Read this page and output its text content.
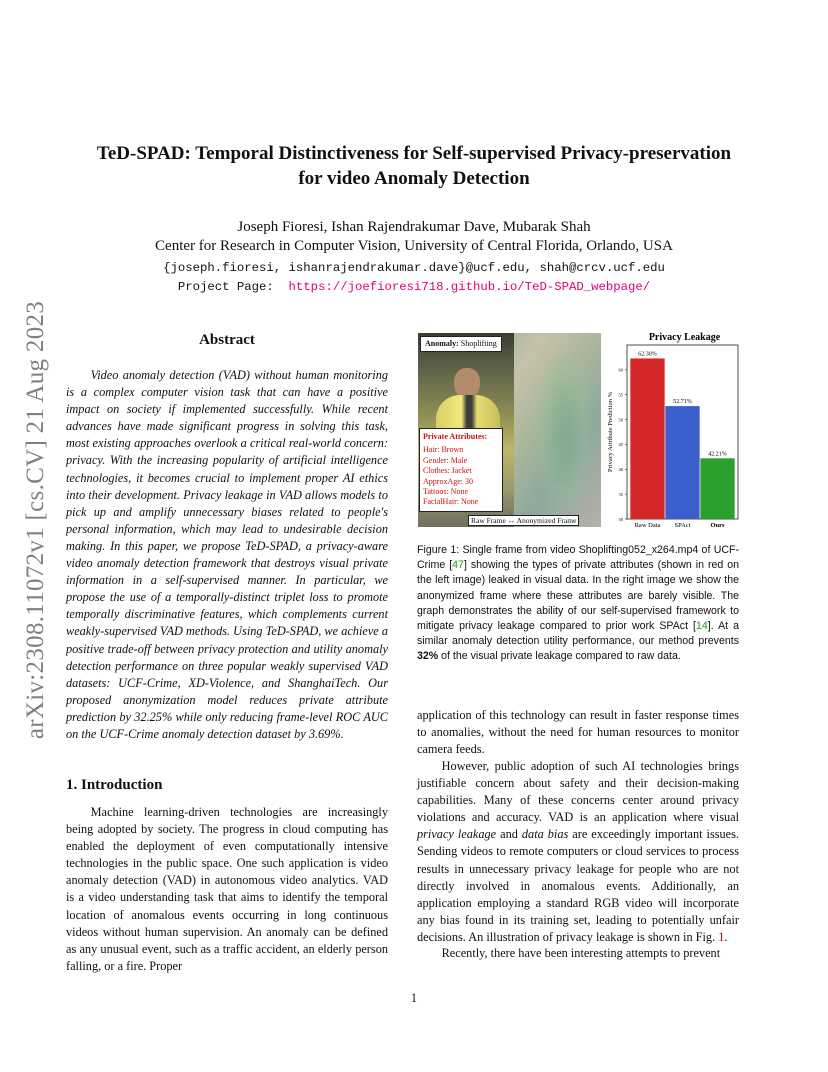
arXiv:2308.11072v1 [cs.CV] 21 Aug 2023
TeD-SPAD: Temporal Distinctiveness for Self-supervised Privacy-preservation
for video Anomaly Detection
Joseph Fioresi, Ishan Rajendrakumar Dave, Mubarak Shah
Center for Research in Computer Vision, University of Central Florida, Orlando, USA
{joseph.fioresi, ishanrajendrakumar.dave}@ucf.edu, shah@crcv.ucf.edu
Project Page: https://joefioresi718.github.io/TeD-SPAD_webpage/
Abstract

Video anomaly detection (VAD) without human monitoring is a complex computer vision task that can have a positive impact on society if implemented successfully. While recent advances have made significant progress in solving this task, most existing approaches overlook a critical real-world concern: privacy. With the increasing popularity of artificial intelligence technologies, it becomes crucial to implement proper AI ethics into their development. Privacy leakage in VAD allows models to pick up and amplify unnecessary biases related to people's personal information, which may lead to undesirable decision making. In this paper, we propose TeD-SPAD, a privacy-aware video anomaly detection framework that destroys visual private information in a self-supervised manner. In particular, we propose the use of a temporally-distinct triplet loss to promote temporally discriminative features, which complements current weakly-supervised VAD methods. Using TeD-SPAD, we achieve a positive trade-off between privacy protection and utility anomaly detection performance on three popular weakly supervised VAD datasets: UCF-Crime, XD-Violence, and ShanghaiTech. Our proposed anonymization model reduces private attribute prediction by 32.25% while only reducing frame-level ROC AUC on the UCF-Crime anomaly detection dataset by 3.69%.

1. Introduction

Machine learning-driven technologies are increasingly being adopted by society. The progress in cloud computing has enabled the deployment of even computationally intensive technologies in the public space. One such application is video anomaly detection (VAD) in autonomous video analytics. VAD is a video understanding task that aims to identify the temporal location of anomalous events occurring in long continuous videos without human supervision. An anomaly can be defined as any unusual event, such as a traffic accident, an elderly person falling, or a fire. Proper

Anomaly: Shoplifting
Private Attributes:
Hair: Brown
Gender: Male
Clothes: Jacket
ApproxAge: 30
Tattoos: None
FacialHair: None
Raw Frame ↔ Anonymized Frame
Privacy Leakage
Privacy Attribute Prediction %
30
35
40
45
50
55
60
62.30%
Raw Data
52.71%
SPAct
42.21%
Ours

Figure 1: Single frame from video Shoplifting052_x264.mp4 of UCF-Crime [47] showing the types of private attributes (shown in red on the left image) leaked in visual data. In the right image we show the anonymized frame where these attributes are barely visible. The graph demonstrates the ability of our self-supervised framework to mitigate privacy leakage compared to prior work SPAct [14]. At a similar anomaly detection utility performance, our method prevents 32% of the visual private leakage compared to raw data.

application of this technology can result in faster response times to anomalies, without the need for human resources to monitor camera feeds.

However, public adoption of such AI technologies brings justifiable concern about safety and their decision-making capabilities. Many of these concerns center around privacy violations and accuracy. VAD is an application where visual privacy leakage and data bias are exceedingly important issues. Sending videos to remote computers or cloud services to process results in unnecessary privacy leakage for people who are not directly involved in anomalous events. Additionally, an application employing a standard RGB video will incorporate any bias found in its training set, leading to potentially unfair decisions. An illustration of privacy leakage is shown in Fig. 1.

Recently, there have been interesting attempts to prevent

1
